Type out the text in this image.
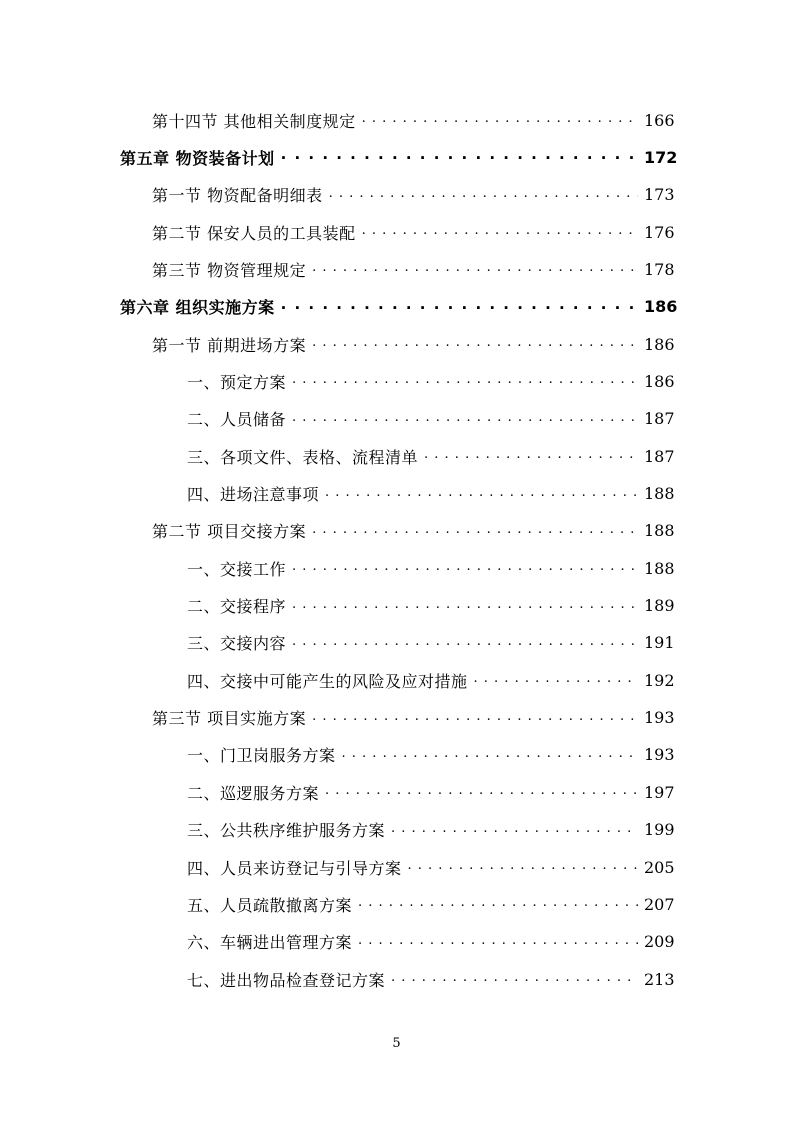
第十四节 其他相关制度规定 . . .	166
第五章 物资装备计划 . . .	172
第一节 物资配备明细表 . . .	173
第二节 保安人员的工具装配 . . .	176
第三节 物资管理规定 . . .	178
第六章 组织实施方案 . . .	186
第一节 前期进场方案 . . .	186
一、预定方案 . . .	186
二、人员储备 . . .	187
三、各项文件、表格、流程清单 . . .	187
四、进场注意事项 . . .	188
第二节 项目交接方案 . . .	188
一、交接工作 . . .	188
二、交接程序 . . .	189
三、交接内容 . . .	191
四、交接中可能产生的风险及应对措施 . . .	192
第三节 项目实施方案 . . .	193
一、门卫岗服务方案 . . .	193
二、巡逻服务方案 . . .	197
三、公共秩序维护服务方案 . . .	199
四、人员来访登记与引导方案 . . .	205
五、人员疏散撤离方案 . . .	207
六、车辆进出管理方案 . . .	209
七、进出物品检查登记方案 . . .	213
5
